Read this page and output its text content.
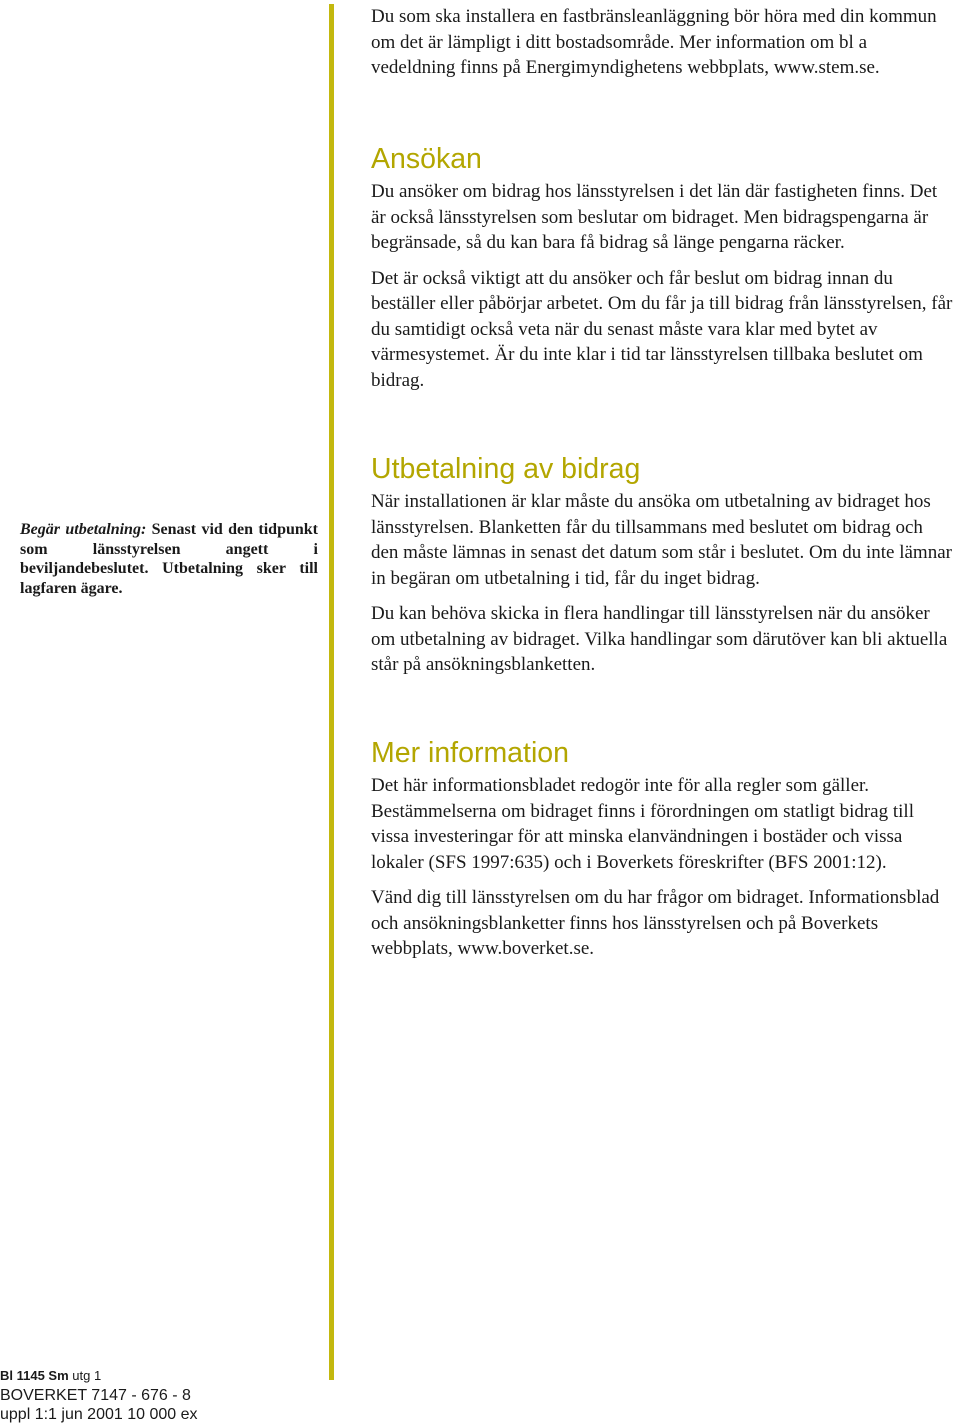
Begär utbetalning: Senast vid den tidpunkt som länsstyrelsen angett i beviljandebeslutet. Utbetalning sker till lagfaren ägare.

Du som ska installera en fastbränsleanläggning bör höra med din kommun om det är lämpligt i ditt bostadsområde. Mer information om bl a vedeldning finns på Energimyndighetens webbplats, www.stem.se.

Ansökan

Du ansöker om bidrag hos länsstyrelsen i det län där fastigheten finns. Det är också länsstyrelsen som beslutar om bidraget. Men bidragspengarna är begränsade, så du kan bara få bidrag så länge pengarna räcker.

Det är också viktigt att du ansöker och får beslut om bidrag innan du beställer eller påbörjar arbetet. Om du får ja till bidrag från länsstyrelsen, får du samtidigt också veta när du senast måste vara klar med bytet av värmesystemet. Är du inte klar i tid tar länsstyrelsen tillbaka beslutet om bidrag.

Utbetalning av bidrag

När installationen är klar måste du ansöka om utbetalning av bidraget hos länsstyrelsen. Blanketten får du tillsammans med beslutet om bidrag och den måste lämnas in senast det datum som står i beslutet. Om du inte lämnar in begäran om utbetalning i tid, får du inget bidrag.

Du kan behöva skicka in flera handlingar till länsstyrelsen när du ansöker om utbetalning av bidraget. Vilka handlingar som därutöver kan bli aktuella står på ansökningsblanketten.

Mer information

Det här informationsbladet redogör inte för alla regler som gäller. Bestämmelserna om bidraget finns i förordningen om statligt bidrag till vissa investeringar för att minska elanvändningen i bostäder och vissa lokaler (SFS 1997:635) och i Boverkets föreskrifter (BFS 2001:12).

Vänd dig till länsstyrelsen om du har frågor om bidraget. Informationsblad och ansökningsblanketter finns hos länsstyrelsen och på Boverkets webbplats, www.boverket.se.

Bl 1145 Sm utg 1
BOVERKET 7147 - 676 - 8
uppl 1:1 jun 2001 10 000 ex
